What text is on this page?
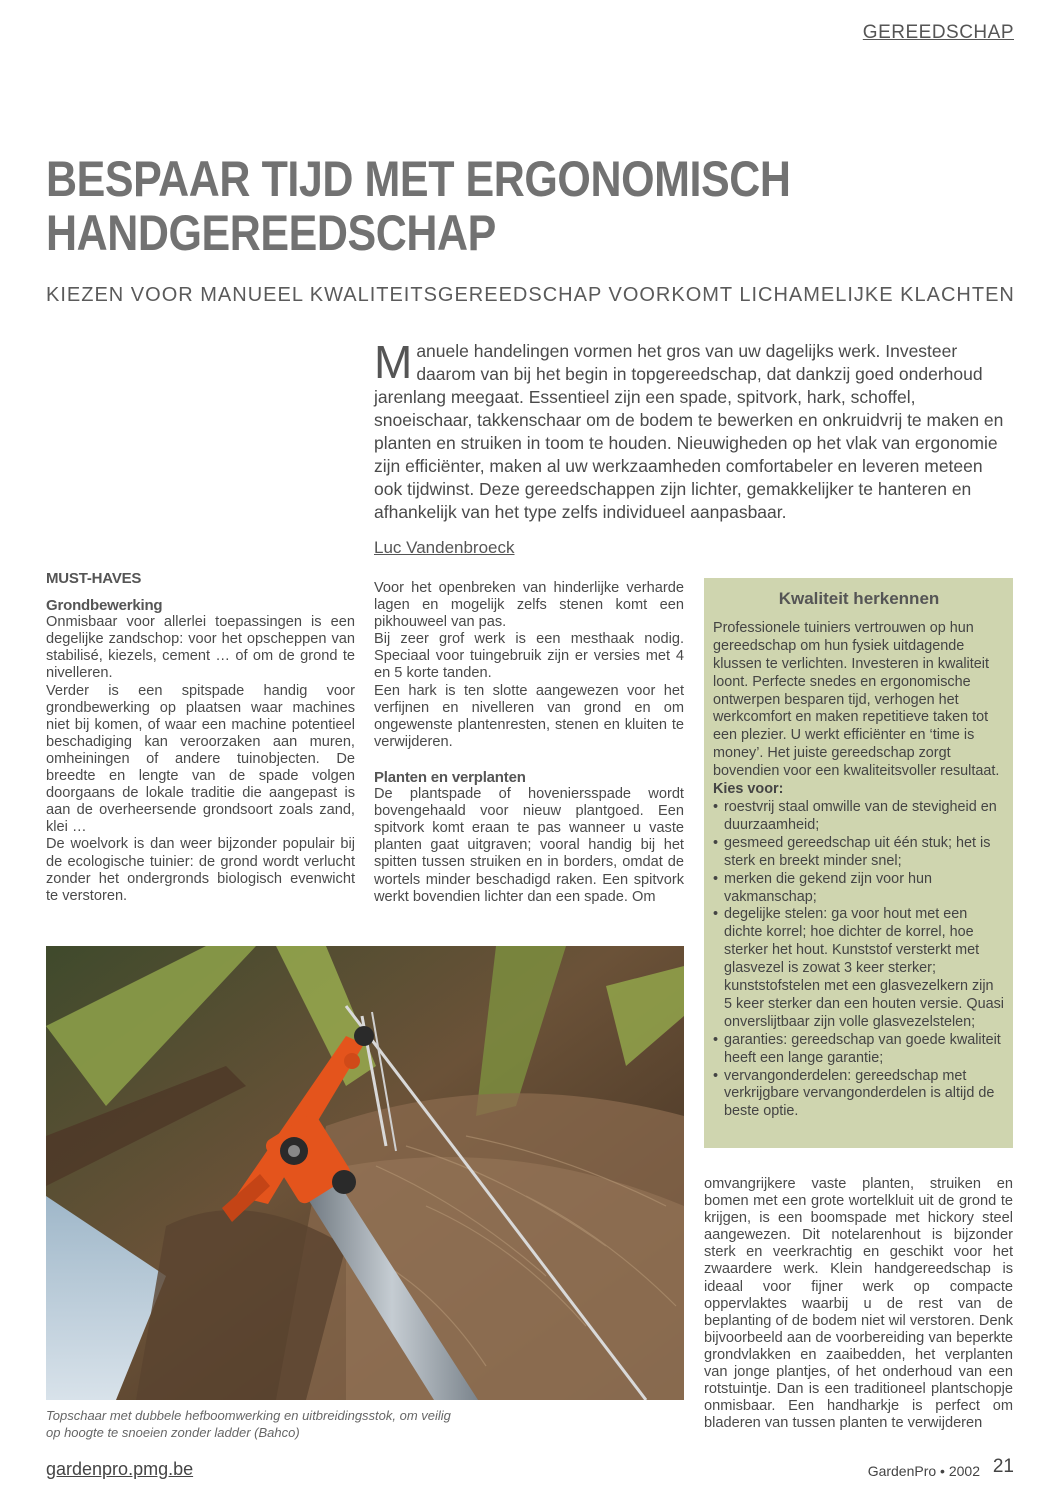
GEREEDSCHAP
BESPAAR TIJD MET ERGONOMISCH
HANDGEREEDSCHAP
KIEZEN VOOR MANUEEL KWALITEITSGEREEDSCHAP VOORKOMT LICHAMELIJKE KLACHTEN
Manuele handelingen vormen het gros van uw dagelijks werk. Investeer daarom van bij het begin in topgereedschap, dat dankzij goed onderhoud jarenlang meegaat. Essentieel zijn een spade, spitvork, hark, schoffel, snoeischaar, takkenschaar om de bodem te bewerken en onkruidvrij te maken en planten en struiken in toom te houden. Nieuwigheden op het vlak van ergonomie zijn efficiënter, maken al uw werkzaamheden comfortabeler en leveren meteen ook tijdwinst. Deze gereedschappen zijn lichter, gemakkelijker te hanteren en afhankelijk van het type zelfs individueel aanpasbaar.
Luc Vandenbroeck
MUST-HAVES
Grondbewerking

Onmisbaar voor allerlei toepassingen is een degelijke zandschop: voor het opscheppen van stabilisé, kiezels, cement … of om de grond te nivelleren.

Verder is een spitspade handig voor grondbewerking op plaatsen waar machines niet bij komen, of waar een machine potentieel beschadiging kan veroorzaken aan muren, omheiningen of andere tuinobjecten. De breedte en lengte van de spade volgen doorgaans de lokale traditie die aangepast is aan de overheersende grondsoort zoals zand, klei …

De woelvork is dan weer bijzonder populair bij de ecologische tuinier: de grond wordt verlucht zonder het ondergronds biologisch evenwicht te verstoren.

Voor het openbreken van hinderlijke verharde lagen en mogelijk zelfs stenen komt een pikhouweel van pas.

Bij zeer grof werk is een mesthaak nodig. Speciaal voor tuingebruik zijn er versies met 4 en 5 korte tanden.

Een hark is ten slotte aangewezen voor het verfijnen en nivelleren van grond en om ongewenste plantenresten, stenen en kluiten te verwijderen.

Planten en verplanten

De plantspade of hoveniersspade wordt bovengehaald voor nieuw plantgoed. Een spitvork komt eraan te pas wanneer u vaste planten gaat uitgraven; vooral handig bij het spitten tussen struiken en in borders, omdat de wortels minder beschadigd raken. Een spitvork werkt bovendien lichter dan een spade. Om

Kwaliteit herkennen

Professionele tuiniers vertrouwen op hun gereedschap om hun fysiek uitdagende klussen te verlichten. Investeren in kwaliteit loont. Perfecte snedes en ergonomische ontwerpen besparen tijd, verhogen het werkcomfort en maken repetitieve taken tot een plezier. U werkt efficiënter en ‘time is money’. Het juiste gereedschap zorgt bovendien voor een kwaliteitsvoller resultaat.

Kies voor:
• roestvrij staal omwille van de stevigheid en duurzaamheid;
• gesmeed gereedschap uit één stuk; het is sterk en breekt minder snel;
• merken die gekend zijn voor hun vakmanschap;
• degelijke stelen: ga voor hout met een dichte korrel; hoe dichter de korrel, hoe sterker het hout. Kunststof versterkt met glasvezel is zowat 3 keer sterker; kunststofstelen met een glasvezelkern zijn 5 keer sterker dan een houten versie. Quasi onverslijtbaar zijn volle glasvezelstelen;
• garanties: gereedschap van goede kwaliteit heeft een lange garantie;
• vervangonderdelen: gereedschap met verkrijgbare vervangonderdelen is altijd de beste optie.
Topschaar met dubbele hefboomwerking en uitbreidingsstok, om veilig op hoogte te snoeien zonder ladder (Bahco)

omvangrijkere vaste planten, struiken en bomen met een grote wortelkluit uit de grond te krijgen, is een boomspade met hickory steel aangewezen. Dit notelarenhout is bijzonder sterk en veerkrachtig en geschikt voor het zwaardere werk. Klein handgereedschap is ideaal voor fijner werk op compacte oppervlaktes waarbij u de rest van de beplanting of de bodem niet wil verstoren. Denk bijvoorbeeld aan de voorbereiding van beperkte grondvlakken en zaaibedden, het verplanten van jonge plantjes, of het onderhoud van een rotstuintje. Dan is een traditioneel plantschopje onmisbaar. Een handharkje is perfect om bladeren van tussen planten te verwijderen

gardenpro.pmg.be	GardenPro • 2002 21
